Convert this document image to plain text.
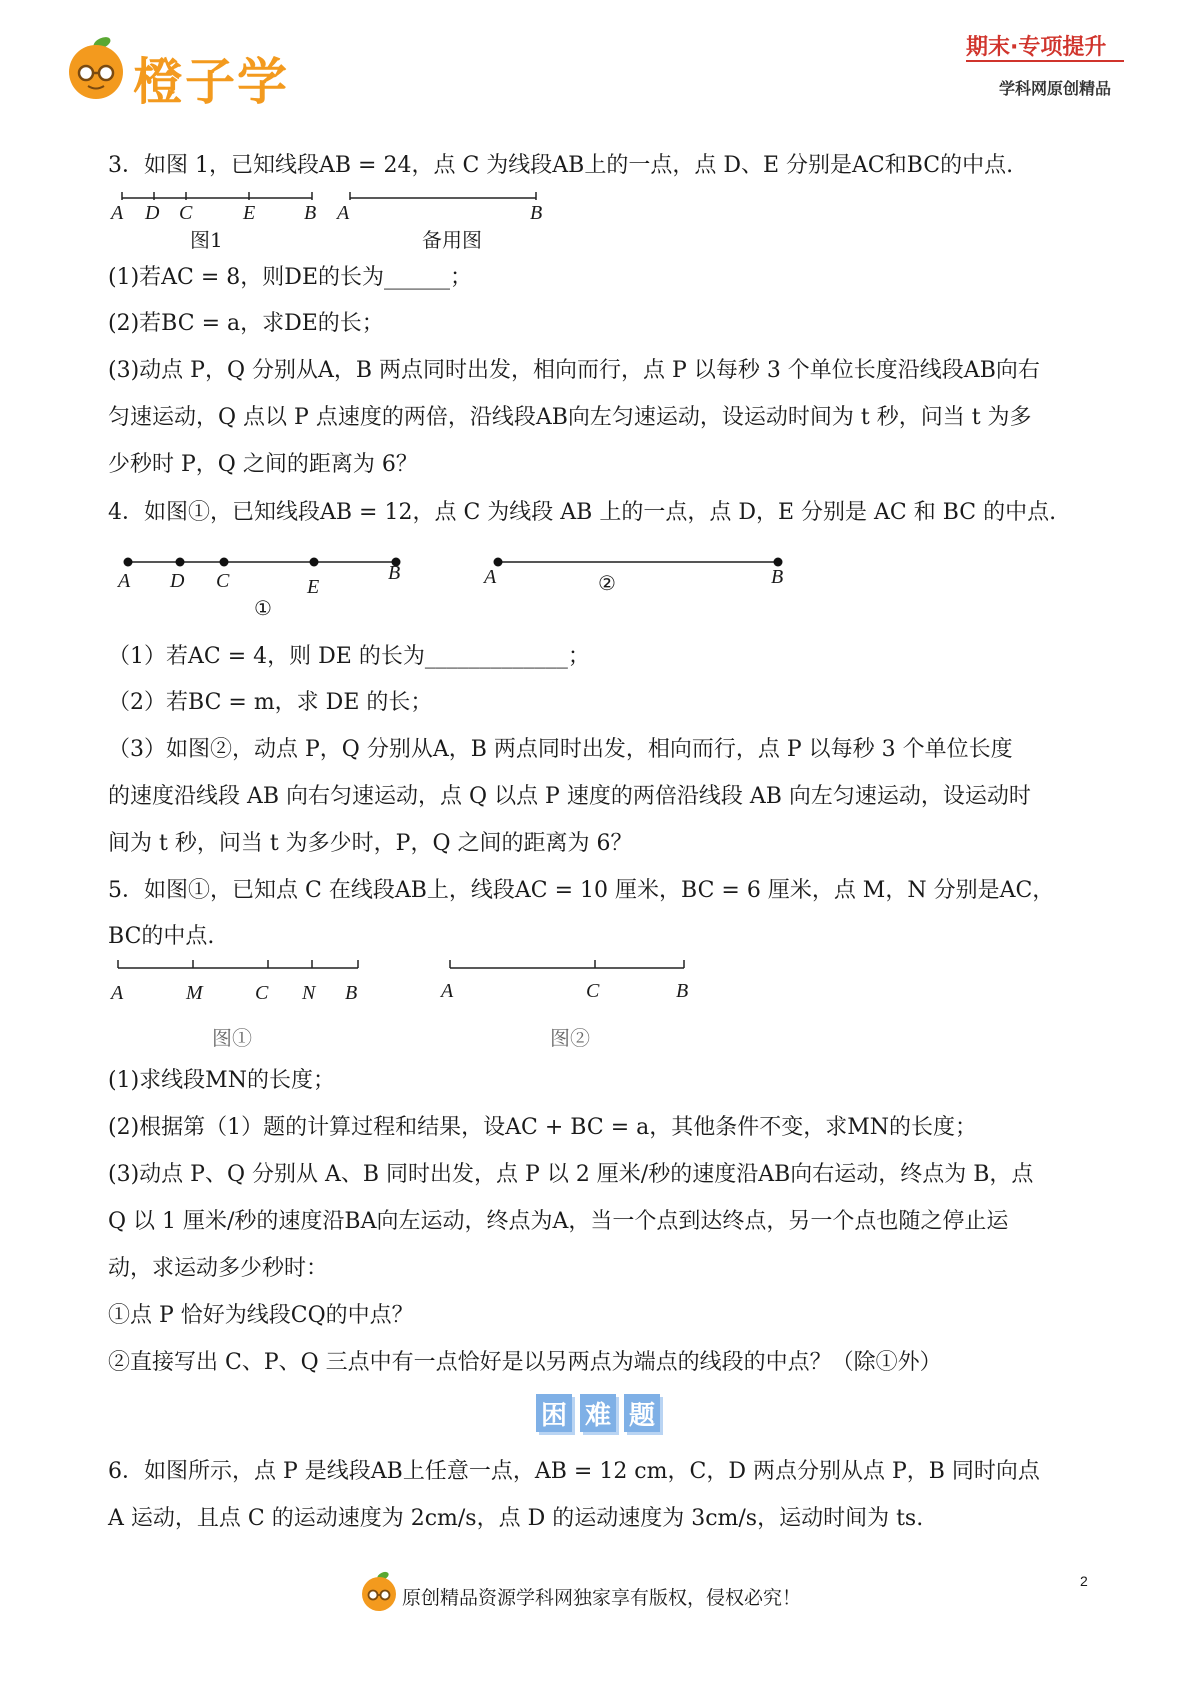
橙子学
期末·专项提升
学科网原创精品
3．如图 1，已知线段AB = 24，点 C 为线段AB上的一点，点 D、E 分别是AC和BC的中点.
A D C	E B A	B
图1	备用图
(1)若AC = 8，则DE的长为______；
(2)若BC = a，求DE的长；
(3)动点 P，Q 分别从A，B 两点同时出发，相向而行，点 P 以每秒 3 个单位长度沿线段AB向右
匀速运动，Q 点以 P 点速度的两倍，沿线段AB向左匀速运动，设运动时间为 t 秒，问当 t 为多
少秒时 P，Q 之间的距离为 6？
4．如图①，已知线段AB = 12，点 C 为线段 AB 上的一点，点 D，E 分别是 AC 和 BC 的中点.
A D C	E
B	A	B
①
②
（1）若AC = 4，则 DE 的长为_____________；
（2）若BC = m，求 DE 的长；
（3）如图②，动点 P，Q 分别从A，B 两点同时出发，相向而行，点 P 以每秒 3 个单位长度
的速度沿线段 AB 向右匀速运动，点 Q 以点 P 速度的两倍沿线段 AB 向左匀速运动，设运动时
间为 t 秒，问当 t 为多少时，P，Q 之间的距离为 6？
5．如图①，已知点 C 在线段AB上，线段AC = 10 厘米，BC = 6 厘米，点 M，N 分别是AC，
BC的中点.
A	M	C N B	A	C	B
图①	图②
(1)求线段MN的长度；
(2)根据第（1）题的计算过程和结果，设AC + BC = a，其他条件不变，求MN的长度；
(3)动点 P、Q 分别从 A、B 同时出发，点 P 以 2 厘米/秒的速度沿AB向右运动，终点为 B，点
Q 以 1 厘米/秒的速度沿BA向左运动，终点为A，当一个点到达终点，另一个点也随之停止运
动，求运动多少秒时：
①点 P 恰好为线段CQ的中点？
②直接写出 C、P、Q 三点中有一点恰好是以另两点为端点的线段的中点？（除①外）
困 难 题
6．如图所示，点 P 是线段AB上任意一点，AB = 12 cm，C，D 两点分别从点 P，B 同时向点
A 运动，且点 C 的运动速度为 2cm/s，点 D 的运动速度为 3cm/s，运动时间为 ts.
原创精品资源学科网独家享有版权，侵权必究！
2
